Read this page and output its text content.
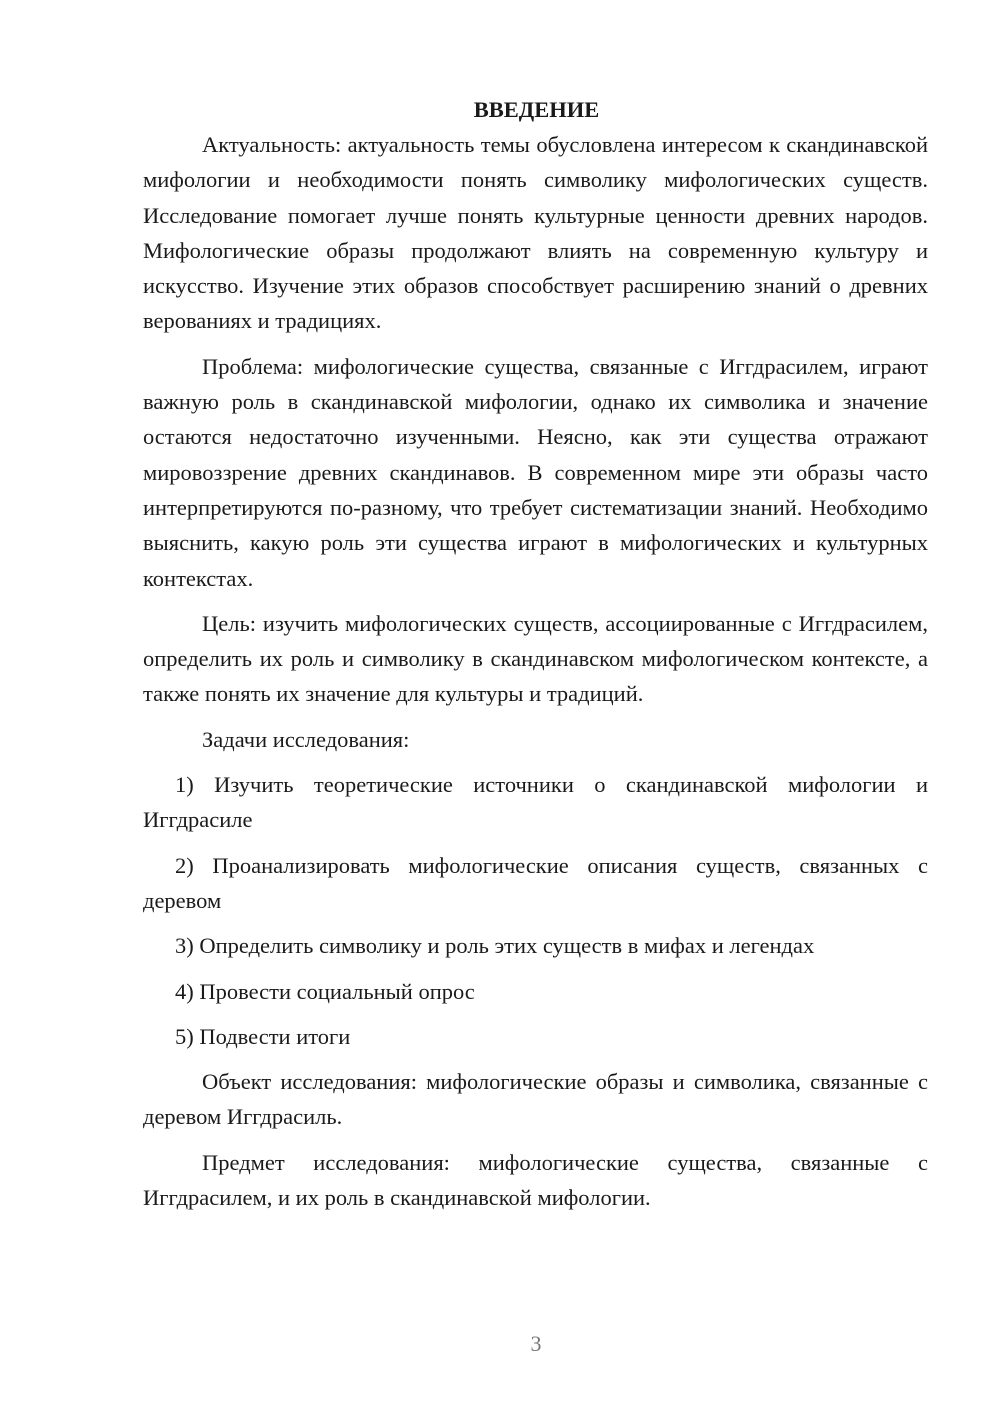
ВВЕДЕНИЕ

Актуальность: актуальность темы обусловлена интересом к скандинавской мифологии и необходимости понять символику мифологических существ. Исследование помогает лучше понять культурные ценности древних народов. Мифологические образы продолжают влиять на современную культуру и искусство. Изучение этих образов способствует расширению знаний о древних верованиях и традициях.

Проблема: мифологические существа, связанные с Иггдрасилем, играют важную роль в скандинавской мифологии, однако их символика и значение остаются недостаточно изученными. Неясно, как эти существа отражают мировоззрение древних скандинавов. В современном мире эти образы часто интерпретируются по-разному, что требует систематизации знаний. Необходимо выяснить, какую роль эти существа играют в мифологических и культурных контекстах.

Цель: изучить мифологических существ, ассоциированные с Иггдрасилем, определить их роль и символику в скандинавском мифологическом контексте, а также понять их значение для культуры и традиций.

Задачи исследования:

1) Изучить теоретические источники о скандинавской мифологии и Иггдрасиле

2) Проанализировать мифологические описания существ, связанных с деревом

3) Определить символику и роль этих существ в мифах и легендах

4) Провести социальный опрос

5) Подвести итоги

Объект исследования: мифологические образы и символика, связанные с деревом Иггдрасиль.

Предмет исследования: мифологические существа, связанные с Иггдрасилем, и их роль в скандинавской мифологии.

3
